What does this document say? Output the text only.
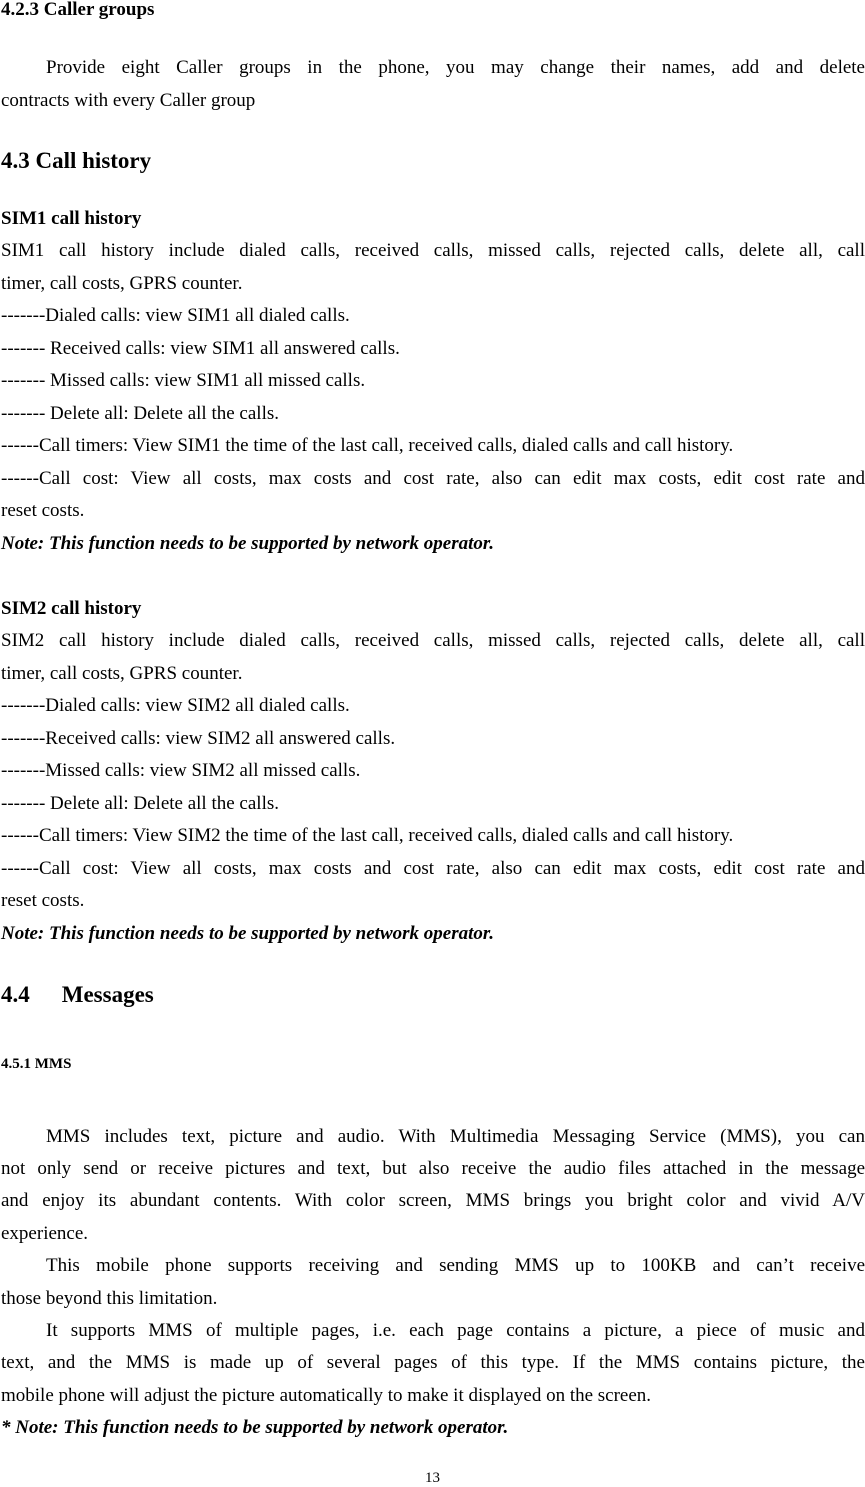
4.2.3 Caller groups
Provide eight Caller groups in the phone, you may change their names, add and delete
contracts with every Caller group
4.3 Call history
SIM1 call history
SIM1 call history include dialed calls, received calls, missed calls, rejected calls, delete all, call
timer, call costs, GPRS counter.
-------Dialed calls: view SIM1 all dialed calls.
------- Received calls: view SIM1 all answered calls.
------- Missed calls: view SIM1 all missed calls.
------- Delete all: Delete all the calls.
------Call timers: View SIM1 the time of the last call, received calls, dialed calls and call history.
------Call cost: View all costs, max costs and cost rate, also can edit max costs, edit cost rate and
reset costs.
Note: This function needs to be supported by network operator.
SIM2 call history
SIM2 call history include dialed calls, received calls, missed calls, rejected calls, delete all, call
timer, call costs, GPRS counter.
-------Dialed calls: view SIM2 all dialed calls.
-------Received calls: view SIM2 all answered calls.
-------Missed calls: view SIM2 all missed calls.
------- Delete all: Delete all the calls.
------Call timers: View SIM2 the time of the last call, received calls, dialed calls and call history.
------Call cost: View all costs, max costs and cost rate, also can edit max costs, edit cost rate and
reset costs.
Note: This function needs to be supported by network operator.
4.4 Messages
4.5.1 MMS
MMS includes text, picture and audio. With Multimedia Messaging Service (MMS), you can
not only send or receive pictures and text, but also receive the audio files attached in the message
and enjoy its abundant contents. With color screen, MMS brings you bright color and vivid A/V
experience.
This mobile phone supports receiving and sending MMS up to 100KB and can’t receive
those beyond this limitation.
It supports MMS of multiple pages, i.e. each page contains a picture, a piece of music and
text, and the MMS is made up of several pages of this type. If the MMS contains picture, the
mobile phone will adjust the picture automatically to make it displayed on the screen.
* Note: This function needs to be supported by network operator.
13
